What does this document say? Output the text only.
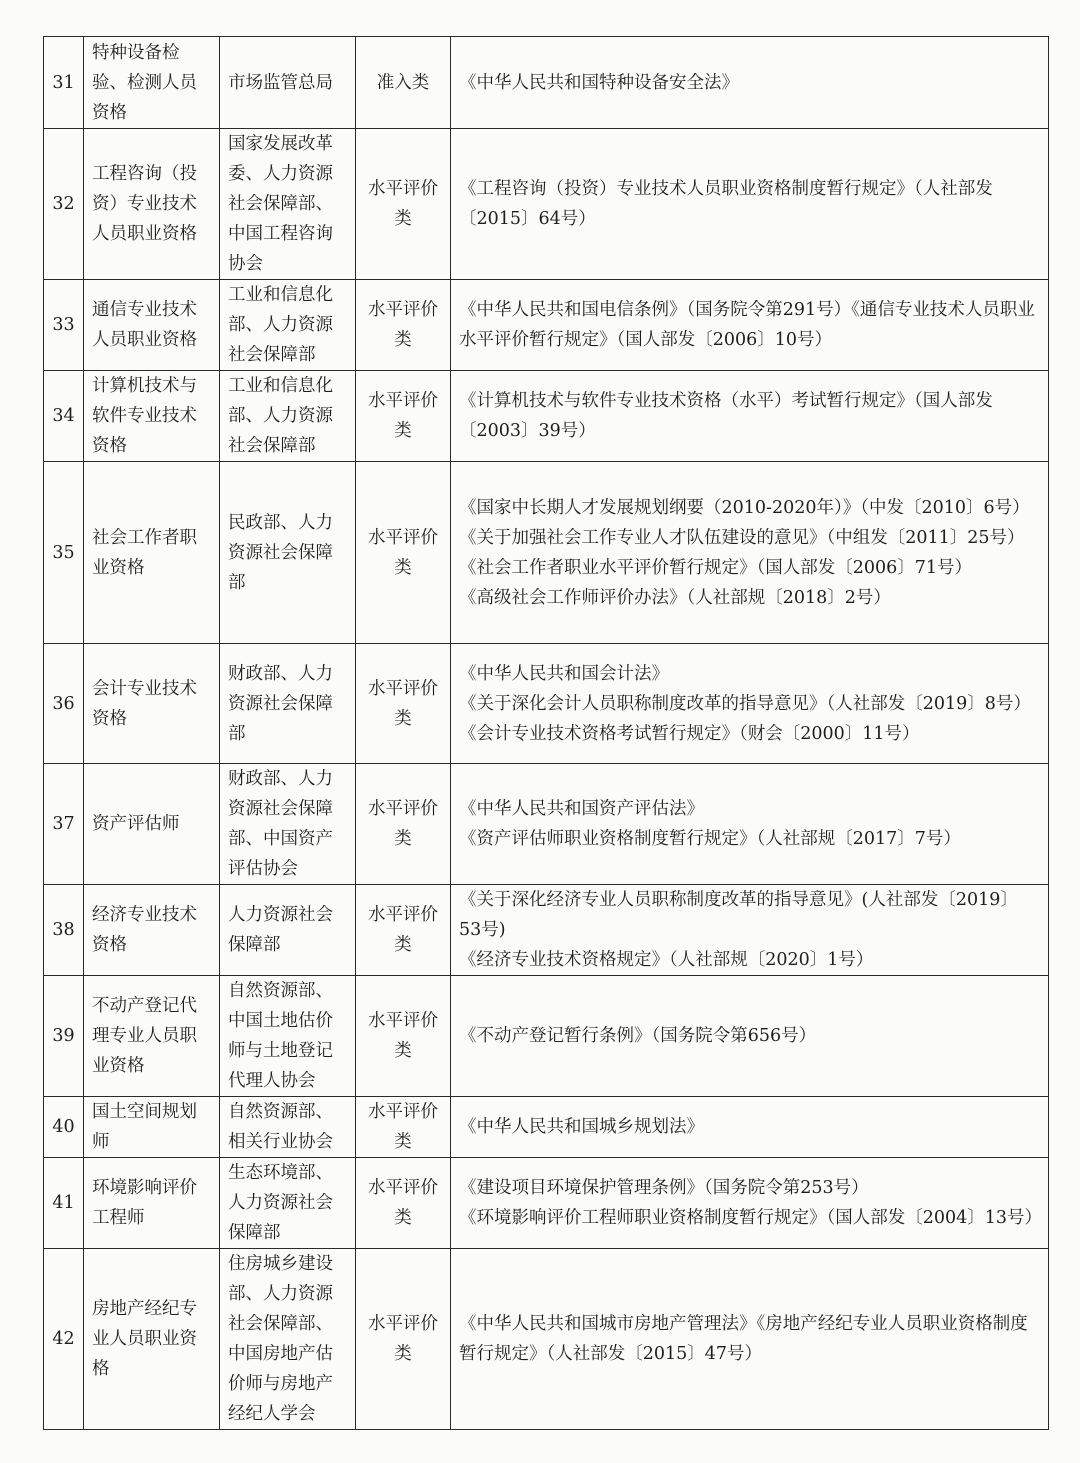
31	特种设备检验、检测人员资格	市场监管总局	准入类	《中华人民共和国特种设备安全法》

32	工程咨询（投资）专业技术人员职业资格	国家发展改革委、人力资源社会保障部、中国工程咨询协会	水平评价类	《工程咨询（投资）专业技术人员职业资格制度暂行规定》（人社部发〔2015〕64号）

33	通信专业技术人员职业资格	工业和信息化部、人力资源社会保障部	水平评价类	《中华人民共和国电信条例》（国务院令第291号）《通信专业技术人员职业水平评价暂行规定》（国人部发〔2006〕10号）

34	计算机技术与软件专业技术资格	工业和信息化部、人力资源社会保障部	水平评价类	《计算机技术与软件专业技术资格（水平）考试暂行规定》（国人部发〔2003〕39号）

35	社会工作者职业资格	民政部、人力资源社会保障部	水平评价类	《国家中长期人才发展规划纲要（2010-2020年）》（中发〔2010〕6号）
《关于加强社会工作专业人才队伍建设的意见》（中组发〔2011〕25号）
《社会工作者职业水平评价暂行规定》（国人部发〔2006〕71号）
《高级社会工作师评价办法》（人社部规〔2018〕2号）

36	会计专业技术资格	财政部、人力资源社会保障部	水平评价类	《中华人民共和国会计法》
《关于深化会计人员职称制度改革的指导意见》（人社部发〔2019〕8号）
《会计专业技术资格考试暂行规定》（财会〔2000〕11号）

37	资产评估师	财政部、人力资源社会保障部、中国资产评估协会	水平评价类	《中华人民共和国资产评估法》
《资产评估师职业资格制度暂行规定》（人社部规〔2017〕7号）

38	经济专业技术资格	人力资源社会保障部	水平评价类	《关于深化经济专业人员职称制度改革的指导意见》(人社部发〔2019〕53号)
《经济专业技术资格规定》（人社部规〔2020〕1号）

39	不动产登记代理专业人员职业资格	自然资源部、中国土地估价师与土地登记代理人协会	水平评价类	《不动产登记暂行条例》（国务院令第656号）

40	国土空间规划师	自然资源部、相关行业协会	水平评价类	《中华人民共和国城乡规划法》

41	环境影响评价工程师	生态环境部、人力资源社会保障部	水平评价类	《建设项目环境保护管理条例》（国务院令第253号）
《环境影响评价工程师职业资格制度暂行规定》（国人部发〔2004〕13号）

42	房地产经纪专业人员职业资格	住房城乡建设部、人力资源社会保障部、中国房地产估价师与房地产经纪人学会	水平评价类	《中华人民共和国城市房地产管理法》《房地产经纪专业人员职业资格制度暂行规定》（人社部发〔2015〕47号）
